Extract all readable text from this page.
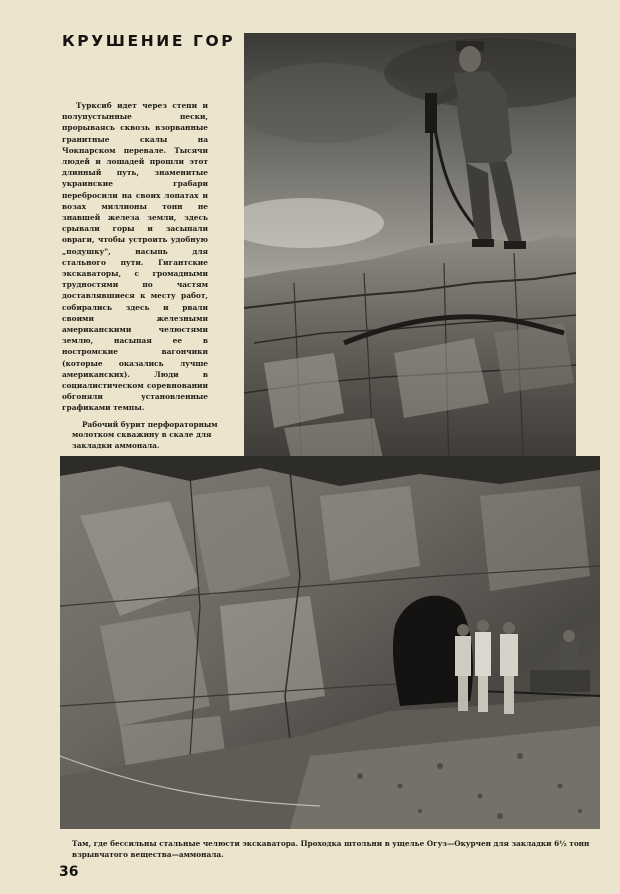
КРУШЕНИЕ ГОР
Турксиб идет через степи и полупустынные пески, прорываясь сквозь взорванные гранитные скалы на Чокпарском перевале. Тысячи людей и лошадей прошли этот длинный путь, знаменитые украинские грабари перебросили на своих лопатах и возах миллионы тонн не знавшей железа земли, здесь срывали горы и засыпали овраги, чтобы устроить удобную „подушку", насыпь для стального пути. Гигантские экскаваторы, с громадными трудностями по частям доставлявшиеся к месту работ, собирались здесь и рвали своими железными американскими челюстями землю, насыпая ее в ностромские вагончики (которые оказались лучше американских). Люди в социалистическом соревновании обгоняли установленные графиками темпы.
Рабочий бурит перфораторным молотком скважину в скале для закладки аммонала.
Там, где бессильны стальные челюсти экскаватора. Проходка штольни в ущелье Огуз—Окурчен для закладки 6½ тонн взрывчатого вещества—аммонала.
36
